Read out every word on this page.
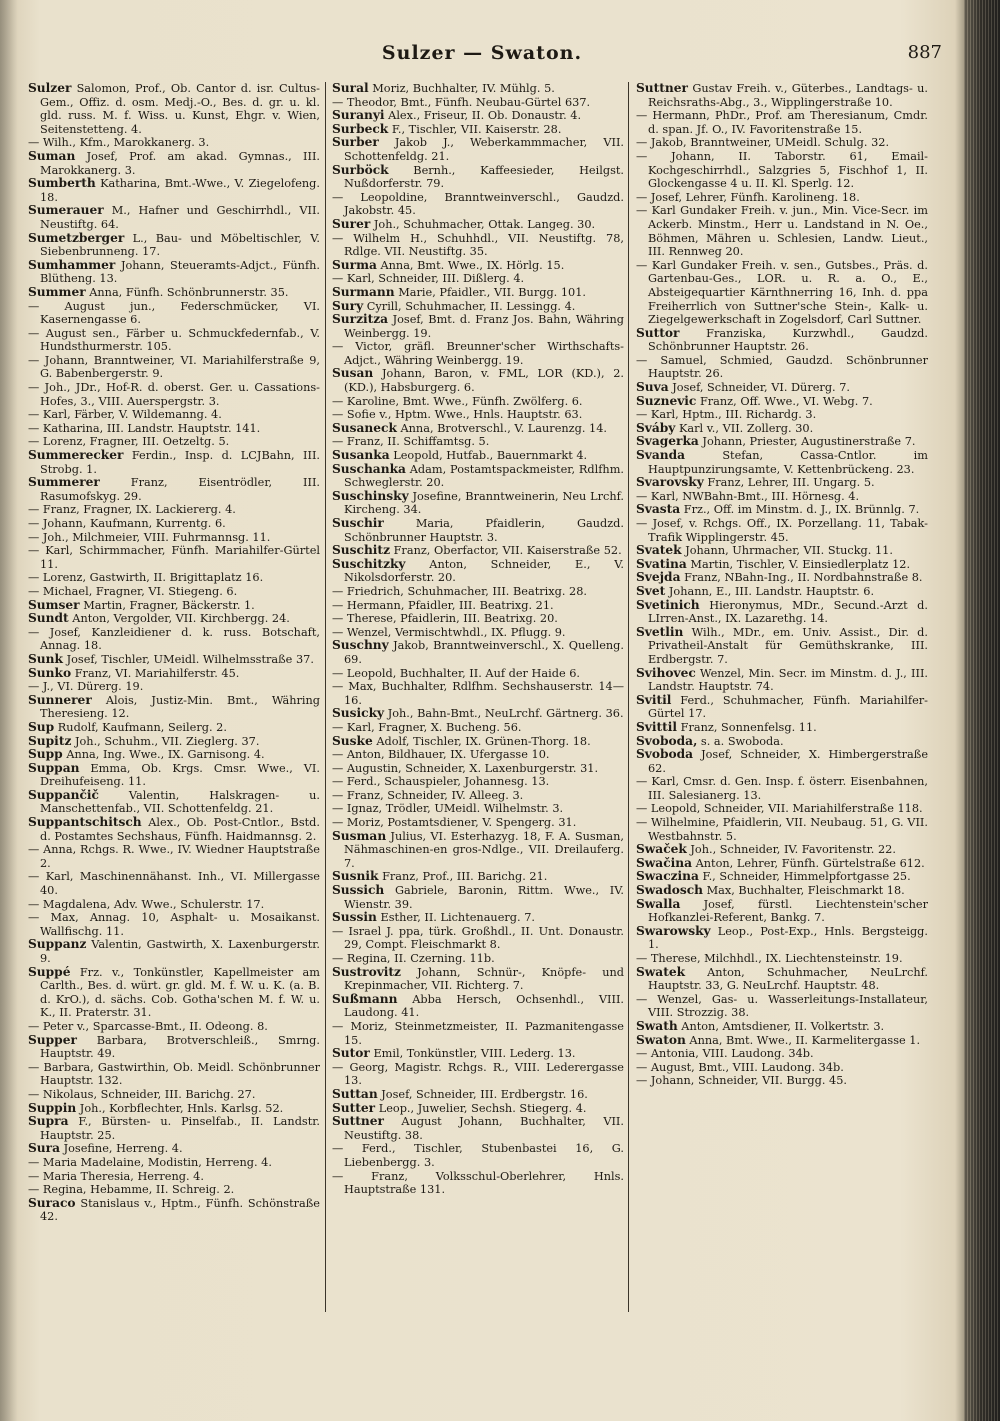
Sulzer — Swaton.	887

Sulzer Salomon, Prof., Ob. Cantor d. isr. Cultus-Gem., Offiz. d. osm. Medj.-O., Bes. d. gr. u. kl. gld. russ. M. f. Wiss. u. Kunst, Ehgr. v. Wien, Seitenstetteng. 4.

— Wilh., Kfm., Marokkanerg. 3.

Suman Josef, Prof. am akad. Gymnas., III. Marokkanerg. 3.

Sumberth Katharina, Bmt.-Wwe., V. Ziegelofeng. 18.

Sumerauer M., Hafner und Geschirrhdl., VII. Neustiftg. 64.

Sumetzberger L., Bau- und Möbeltischler, V. Siebenbrunneng. 17.

Sumhammer Johann, Steueramts-Adjct., Fünfh. Blütheng. 13.

Summer Anna, Fünfh. Schönbrunnerstr. 35.

— August jun., Federschmücker, VI. Kasernengasse 6.

— August sen., Färber u. Schmuckfedernfab., V. Hundsthurmerstr. 105.

— Johann, Branntweiner, VI. Mariahilferstraße 9, G. Babenbergerstr. 9.

— Joh., JDr., Hof-R. d. oberst. Ger. u. Cassations-Hofes, 3., VIII. Auerspergstr. 3.

— Karl, Färber, V. Wildemanng. 4.

— Katharina, III. Landstr. Hauptstr. 141.

— Lorenz, Fragner, III. Oetzeltg. 5.

Summerecker Ferdin., Insp. d. LCJBahn, III. Strobg. 1.

Summerer	Franz, Eisentrödler, III. Rasumofskyg. 29.

— Franz, Fragner, IX. Lackiererg. 4.

— Johann, Kaufmann, Kurrentg. 6.

— Joh., Milchmeier, VIII. Fuhrmannsg. 11.

— Karl, Schirmmacher, Fünfh. Mariahilfer-Gürtel 11.

— Lorenz, Gastwirth, II. Brigittaplatz 16.

— Michael, Fragner, VI. Stiegeng. 6.

Sumser Martin, Fragner, Bäckerstr. 1.

Sundt Anton, Vergolder, VII. Kirchbergg. 24.

— Josef, Kanzleidiener d. k. russ. Botschaft, Annag. 18.

Sunk Josef, Tischler, UMeidl. Wilhelmsstraße 37.

Sunko Franz, VI. Mariahilferstr. 45.

— J., VI. Dürerg. 19.

Sunnerer Alois, Justiz-Min. Bmt., Währing Theresieng. 12.

Sup Rudolf, Kaufmann, Seilerg. 2.

Supitz Joh., Schuhm., VII. Zieglerg. 37.

Supp Anna, Ing. Wwe., IX. Garnisong. 4.

Suppan Emma, Ob. Krgs. Cmsr. Wwe., VI. Dreihufeiseng. 11.

Suppančič	Valentin, Halskragen- u. Manschettenfab., VII. Schottenfeldg. 21.

Suppantschitsch Alex., Ob. Post-Cntlor., Bstd. d. Postamtes Sechshaus, Fünfh. Haidmannsg. 2.

— Anna, Rchgs. R. Wwe., IV. Wiedner Hauptstraße 2.

— Karl, Maschinennähanst. Inh., VI. Millergasse 40.

— Magdalena, Adv. Wwe., Schulerstr. 17.

— Max, Annag. 10, Asphalt- u. Mosaikanst. Wallfischg. 11.

Suppanz Valentin, Gastwirth, X. Laxenburgerstr. 9.

Suppé Frz. v., Tonkünstler, Kapellmeister am Carlth., Bes. d. würt. gr. gld. M. f. W. u. K. (a. B. d. KrO.), d. sächs. Cob. Gotha'schen M. f. W. u. K., II. Praterstr. 31.

— Peter v., Sparcasse-Bmt., II. Odeong. 8.

Supper Barbara, Brotverschleiß., Smrng. Hauptstr. 49.

— Barbara, Gastwirthin, Ob. Meidl. Schönbrunner Hauptstr. 132.

— Nikolaus, Schneider, III. Barichg. 27.

Suppin Joh., Korbflechter, Hnls. Karlsg. 52.

Supra F., Bürsten- u. Pinselfab., II. Landstr. Hauptstr. 25.

Sura Josefine, Herreng. 4.

— Maria Madelaine, Modistin, Herreng. 4.

— Maria Theresia, Herreng. 4.

— Regina, Hebamme, II. Schreig. 2.

Suraco Stanislaus v., Hptm., Fünfh. Schönstraße 42.

Sural Moriz, Buchhalter, IV. Mühlg. 5.

— Theodor, Bmt., Fünfh. Neubau-Gürtel 637.

Suranyi Alex., Friseur, II. Ob. Donaustr. 4.

Surbeck F., Tischler, VII. Kaiserstr. 28.

Surber Jakob J., Weberkammmacher, VII. Schottenfeldg. 21.

Surböck Bernh., Kaffeesieder, Heilgst. Nußdorferstr. 79.

— Leopoldine, Branntweinverschl., Gaudzd. Jakobstr. 45.

Surer Joh., Schuhmacher, Ottak. Langeg. 30.

— Wilhelm H., Schuhhdl., VII. Neustiftg. 78, Rdlge. VII. Neustiftg. 35.

Surma Anna, Bmt. Wwe., IX. Hörlg. 15.

— Karl, Schneider, III. Dißlerg. 4.

Surmann Marie, Pfaidler., VII. Burgg. 101.

Sury Cyrill, Schuhmacher, II. Lessingg. 4.

Surzitza Josef, Bmt. d. Franz Jos. Bahn, Währing Weinbergg. 19.

— Victor, gräfl. Breunner'scher Wirthschafts-Adjct., Währing Weinbergg. 19.

Susan Johann, Baron, v. FML, LOR (KD.), 2. (KD.), Habsburgerg. 6.

— Karoline, Bmt. Wwe., Fünfh. Zwölferg. 6.

— Sofie v., Hptm. Wwe., Hnls. Hauptstr. 63.

Susaneck Anna, Brotverschl., V. Laurenzg. 14.

— Franz, II. Schiffamtsg. 5.

Susanka Leopold, Hutfab., Bauernmarkt 4.

Suschanka Adam, Postamtspackmeister, Rdlfhm. Schweglerstr. 20.

Suschinsky Josefine, Branntweinerin, Neu Lrchf. Kircheng. 34.

Suschir	Maria, Pfaidlerin, Gaudzd. Schönbrunner Hauptstr. 3.

Suschitz Franz, Oberfactor, VII. Kaiserstraße 52.

Suschitzky Anton, Schneider, E., V. Nikolsdorferstr. 20.

— Friedrich, Schuhmacher, III. Beatrixg. 28.

— Hermann, Pfaidler, III. Beatrixg. 21.

— Therese, Pfaidlerin, III. Beatrixg. 20.

— Wenzel, Vermischtwhdl., IX. Pflugg. 9.

Suschny Jakob, Branntweinverschl., X. Quelleng. 69.

— Leopold, Buchhalter, II. Auf der Haide 6.

— Max, Buchhalter, Rdlfhm. Sechshauserstr. 14—16.

Susicky Joh., Bahn-Bmt., NeuLrchf. Gärtnerg. 36.

— Karl, Fragner, X. Bucheng. 56.

Suske Adolf, Tischler, IX. Grünen-Thorg. 18.

— Anton, Bildhauer, IX. Ufergasse 10.

— Augustin, Schneider, X. Laxenburgerstr. 31.

— Ferd., Schauspieler, Johannesg. 13.

— Franz, Schneider, IV. Alleeg. 3.

— Ignaz, Trödler, UMeidl. Wilhelmstr. 3.

— Moriz, Postamtsdiener, V. Spengerg. 31.

Susman Julius, VI. Esterhazyg. 18, F. A. Susman, Nähmaschinen-en gros-Ndlge., VII. Dreilauferg. 7.

Susnik Franz, Prof., III. Barichg. 21.

Sussich Gabriele, Baronin, Rittm. Wwe., IV. Wienstr. 39.

Sussin Esther, II. Lichtenauerg. 7.

— Israel J. ppa, türk. Großhdl., II. Unt. Donaustr. 29, Compt. Fleischmarkt 8.

— Regina, II. Czerning. 11b.

Sustrovitz Johann, Schnür-, Knöpfe- und Krepinmacher, VII. Richterg. 7.

Sußmann Abba Hersch, Ochsenhdl., VIII. Laudong. 41.

— Moriz, Steinmetzmeister, II. Pazmanitengasse 15.

Sutor Emil, Tonkünstler, VIII. Lederg. 13.

— Georg, Magistr. Rchgs. R., VIII. Lederergasse 13.

Suttan Josef, Schneider, III. Erdbergstr. 16.

Sutter Leop., Juwelier, Sechsh. Stiegerg. 4.

Suttner August Johann, Buchhalter, VII. Neustiftg. 38.

— Ferd., Tischler, Stubenbastei 16, G. Liebenbergg. 3.

— Franz, Volksschul-Oberlehrer, Hnls. Hauptstraße 131.

Suttner Gustav Freih. v., Güterbes., Landtags- u. Reichsraths-Abg., 3., Wipplingerstraße 10.

— Hermann, PhDr., Prof. am Theresianum, Cmdr. d. span. Jf. O., IV. Favoritenstraße 15.

— Jakob, Branntweiner, UMeidl. Schulg. 32.

— Johann, II. Taborstr. 61, Email-Kochgeschirrhdl., Salzgries 5, Fischhof 1, II. Glockengasse 4 u. II. Kl. Sperlg. 12.

— Josef, Lehrer, Fünfh. Karolineng. 18.

— Karl Gundaker Freih. v. jun., Min. Vice-Secr. im Ackerb. Minstm., Herr u. Landstand in N. Oe., Böhmen, Mähren u. Schlesien, Landw. Lieut., III. Rennweg 20.

— Karl Gundaker Freih. v. sen., Gutsbes., Präs. d. Gartenbau-Ges., LOR. u. R. a. O., E., Absteigequartier Kärnthnerring 16, Inh. d. ppa Freiherrlich von Suttner'sche Stein-, Kalk- u. Ziegelgewerkschaft in Zogelsdorf, Carl Suttner.

Suttor Franziska, Kurzwhdl., Gaudzd. Schönbrunner Hauptstr. 26.

— Samuel, Schmied, Gaudzd. Schönbrunner Hauptstr. 26.

Suva Josef, Schneider, VI. Dürerg. 7.

Suznevic Franz, Off. Wwe., VI. Webg. 7.

— Karl, Hptm., III. Richardg. 3.

Sváby Karl v., VII. Zollerg. 30.

Svagerka Johann, Priester, Augustinerstraße 7.

Svanda	Stefan, Cassa-Cntlor. im Hauptpunzirungsamte, V. Kettenbrückeng. 23.

Svarovsky Franz, Lehrer, III. Ungarg. 5.

— Karl, NWBahn-Bmt., III. Hörnesg. 4.

Svasta Frz., Off. im Minstm. d. J., IX. Brünnlg. 7.

— Josef, v. Rchgs. Off., IX. Porzellang. 11, Tabak-Trafik Wipplingerstr. 45.

Svatek Johann, Uhrmacher, VII. Stuckg. 11.

Svatina Martin, Tischler, V. Einsiedlerplatz 12.

Svejda Franz, NBahn-Ing., II. Nordbahnstraße 8.

Svet Johann, E., III. Landstr. Hauptstr. 6.

Svetinich Hieronymus, MDr., Secund.-Arzt d. LIrren-Anst., IX. Lazarethg. 14.

Svetlin Wilh., MDr., em. Univ. Assist., Dir. d. Privatheil-Anstalt für Gemüthskranke, III. Erdbergstr. 7.

Svihovec Wenzel, Min. Secr. im Minstm. d. J., III. Landstr. Hauptstr. 74.

Svitil Ferd., Schuhmacher, Fünfh. Mariahilfer-Gürtel 17.

Svittil Franz, Sonnenfelsg. 11.

Svoboda, s. a. Swoboda.

Svoboda Josef, Schneider, X. Himbergerstraße 62.

— Karl, Cmsr. d. Gen. Insp. f. österr. Eisenbahnen, III. Salesianerg. 13.

— Leopold, Schneider, VII. Mariahilferstraße 118.

— Wilhelmine, Pfaidlerin, VII. Neubaug. 51, G. VII. Westbahnstr. 5.

Swaček Joh., Schneider, IV. Favoritenstr. 22.

Swačina Anton, Lehrer, Fünfh. Gürtelstraße 612.

Swaczina F., Schneider, Himmelpfortgasse 25.

Swadosch Max, Buchhalter, Fleischmarkt 18.

Swalla Josef, fürstl. Liechtenstein'scher Hofkanzlei-Referent, Bankg. 7.

Swarowsky Leop., Post-Exp., Hnls. Bergsteigg. 1.

— Therese, Milchhdl., IX. Liechtensteinstr. 19.

Swatek Anton, Schuhmacher, NeuLrchf. Hauptstr. 33, G. NeuLrchf. Hauptstr. 48.

— Wenzel, Gas- u. Wasserleitungs-Installateur, VIII. Strozzig. 38.

Swath Anton, Amtsdiener, II. Volkertstr. 3.

Swaton Anna, Bmt. Wwe., II. Karmelitergasse 1.

— Antonia, VIII. Laudong. 34b.

— August, Bmt., VIII. Laudong. 34b.

— Johann, Schneider, VII. Burgg. 45.
